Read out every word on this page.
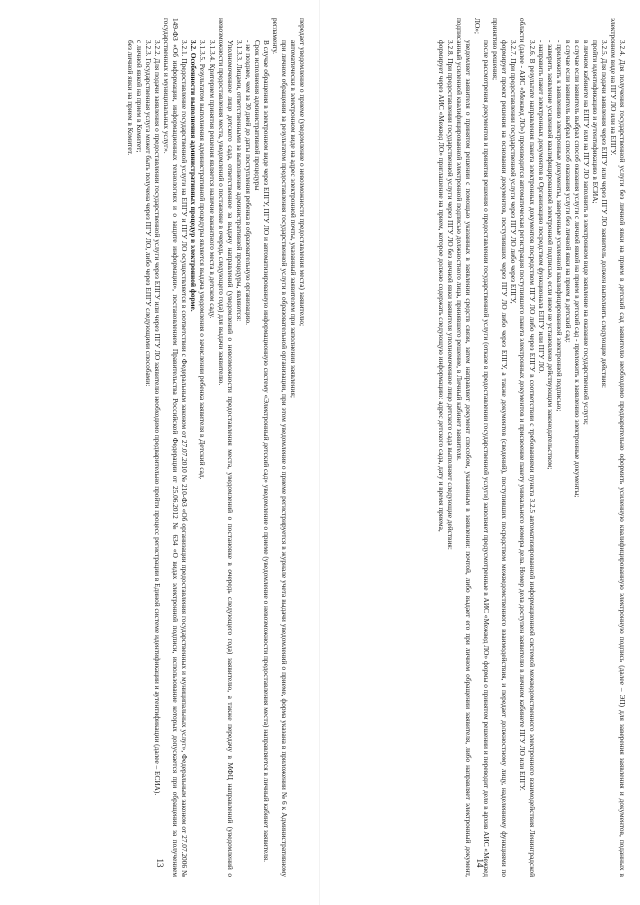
передает уведомление о приеме (уведомление о невозможности предоставления места) заявителю;

автоматически в электронном виде на адрес электронной почты, указанный заявителем при заполнении заявления;

при личном обращении за результатом предоставления государственной услуги в образовательной организации, при этом уведомление о приеме регистрируется в журнале учета выдачи уведомлений о приеме, форма указана в приложении № 6 к Административному регламенту.

В случае обращения в электронном виде через ЕПГУ, ПГУ ЛО и автоматизированную информационную систему «Электронный детский сад» уведомление о приеме (уведомление о невозможности предоставления места) направляется в личный кабинет заявителя.

Срок исполнения административной процедуры

- не позднее, чем за 30 дней до даты поступления ребенка в образовательную организацию.

3.1.3.3. Лицами, ответственными за выполнение административной процедуры, являются:

Уполномоченное лицо детского сада, ответственное за выдачу направлений (уведомлений о невозможности предоставления места, уведомлений о постановке в очередь следующего года) заявителю, а также передачу в МФЦ направлений (уведомлений о невозможности предоставления места, уведомлений о постановке в очередь следующего года) для выдачи заявителю.

3.1.3.4. Критерием принятия решения является наличие вакантного места в детском саду.

3.1.3.5. Результатом выполнения административной процедуры является выдача уведомления о зачислении ребенка заявителя в Детский сад.

3.2. Особенности выполнения административных процедур в электронной форме.

3.2.1. Предоставление государственной услуги на ЕПГУ и ПГУ ЛО осуществляется в соответствии с Федеральным законом от 27.07.2010 № 210-ФЗ «Об организации предоставления государственных и муниципальных услуг», Федеральным законом от 27.07.2006 № 149-ФЗ «Об информации, информационных технологиях и о защите информации», постановлением Правительства Российской Федерации от 25.06.2012 № 634 «О видах электронной подписи, использование которых допускается при обращении за получением государственных и муниципальных услуг».

3.2.2. Для подачи заявления о предоставлении государственной услуги через ЕПГУ или через ПГУ ЛО заявителю необходимо предварительно пройти процесс регистрации в Единой системе идентификации и аутентификации (далее – ЕСИА).

3.2.3. Государственная услуга может быть получена через ПГУ ЛО, либо через ЕПГУ следующими способами:

с личной явкой на прием в Комитет;

без личной явки на прием в Комитет.

13	3.2.4. Для получения государственной услуги без личной явки на прием в детский сад заявителю необходимо предварительно оформить усиленную квалифицированную электронную подпись (далее – ЭП) для заверения заявления и документов, поданных в электронном виде на ПГУ ЛО или на ЕПГУ.

3.2.5. Для подачи заявления через ЕПГУ или через ПГУ ЛО заявитель должен выполнить следующие действия:

пройти идентификацию и аутентификацию в ЕСИА;

в личном кабинете на ЕПГУ или на ПГУ ЛО заполнить в электронном виде заявление на оказание государственной услуги;

в случае если заявитель выбрал способ оказания услуги с личной явкой на прием в детский сад - приложить к заявлению электронные документы;

в случае если заявитель выбрал способ оказания услуги без личной явки на прием в детский сад:

- приложить к заявлению электронные документы, заверенные усиленной квалифицированной электронной подписью;

- заверить заявление усиленной квалифицированной электронной подписью, если иное не установлено действующим законодательством;

- направить пакет электронных документов в Организацию посредством функционала ЕПГУ или ПГУ ЛО.

3.2.6. В результате направления пакета электронных документов посредством ПГУ ЛО либо через ЕПГУ в соответствии с требованиями пункта 3.2.5 автоматизированной информационной системой межведомственного электронного взаимодействия Ленинградской области (далее - АИС «Межвед ЛО») производится автоматическая регистрация поступившего пакета электронных документов и присвоение пакету уникального номера дела. Номер дела доступен заявителю в личном кабинете ПГУ ЛО или ЕПГУ.

3.2.7. При предоставлении государственной услуги через ПГУ ЛО либо через ЕПГУ,

формирует проект решения на основании документов, поступивших через ПГУ ЛО либо через ЕПГУ, а также документов (сведений), поступивших посредством межведомственного взаимодействия, и передает должностному лицу, наделенному функциями по принятию решения;

после рассмотрения документов и принятия решения о предоставлении государственной услуги (отказе в предоставлении государственной услуги) заполняет предусмотренные в АИС «Межвед ЛО» формы о принятом решении и переводит дело в архив АИС «Межвед ЛО»;

уведомляет заявителя о принятом решении с помощью указанных в заявлении средств связи, затем направляет документ способом, указанным в заявлении: почтой, либо выдает его при личном обращении заявителя, либо направляет электронный документ, подписанный усиленной квалифицированной электронной подписью должностного лица, принявшего решение, в Личный кабинет заявителя.

3.2.8. При предоставлении государственной услуги через ПГУ ЛО без личной явки заявителя уполномоченное лицо детского сада выполняет следующие действия:

формирует через АИС «Межвед ЛО» приглашение на прием, которое должно содержать следующую информацию: адрес детского сада, дату и время приема,

14
